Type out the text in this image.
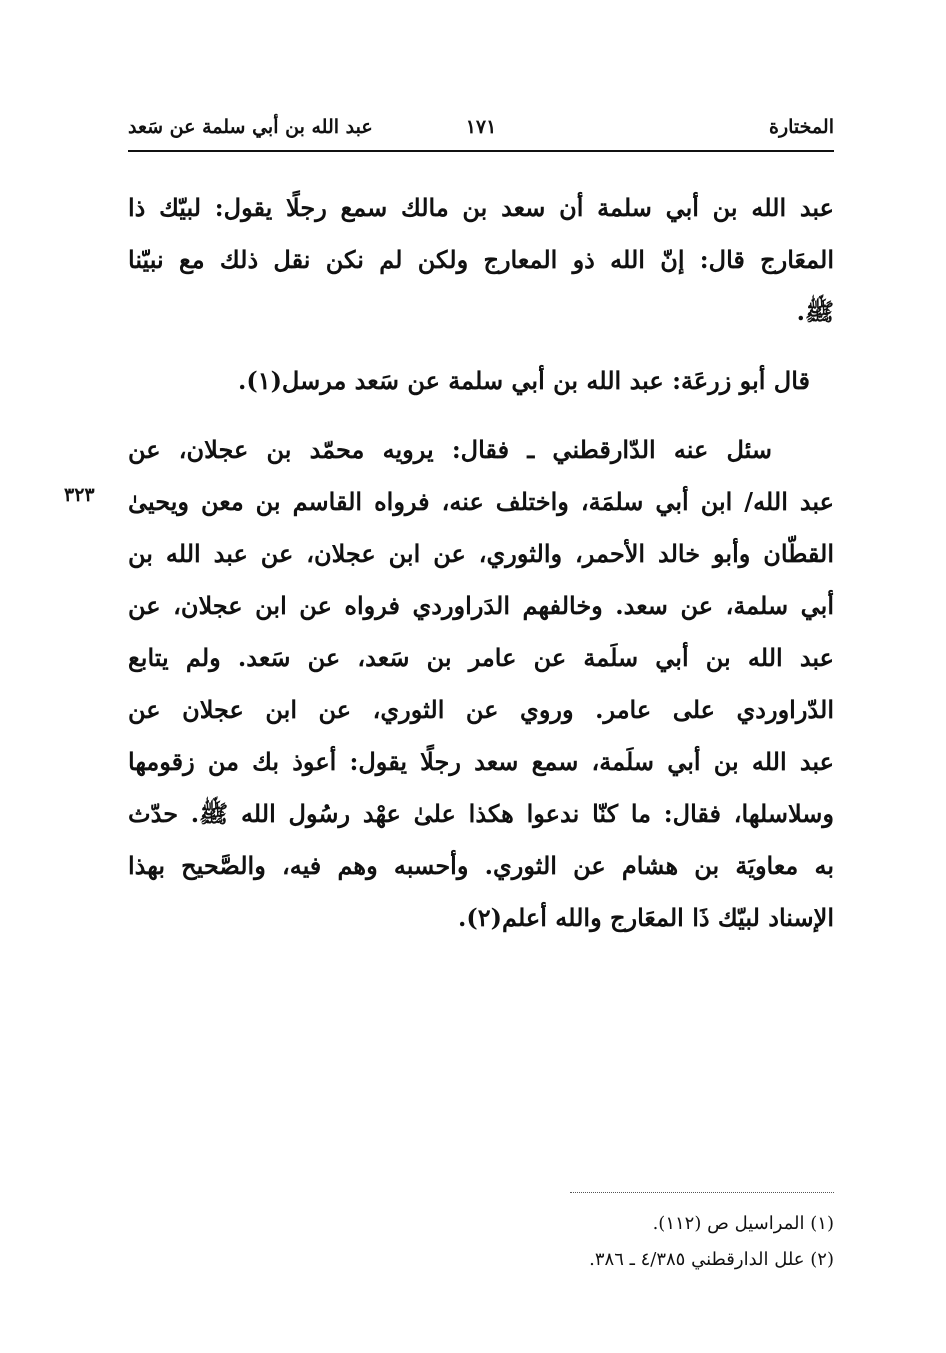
المختارة
١٧١
عبد الله بن أبي سلمة عن سَعد
عبد الله بن أبي سلمة أن سعد بن مالك سمع رجلًا يقول: لبيّك ذا
المعَارج قال: إنّ الله ذو المعارج ولكن لم نكن نقل ذلك مع نبيّنا
ﷺ.
قال أبو زرعَة: عبد الله بن أبي سلمة عن سَعد مرسل(١).
سئل عنه الدّارقطني ـ فقال: يرويه محمّد بن عجلان، عن
عبد الله/ ابن أبي سلمَة، واختلف عنه، فرواه القاسم بن معن ويحيىٰ
القطّان وأبو خالد الأحمر، والثوري، عن ابن عجلان، عن عبد الله بن
أبي سلمة، عن سعد. وخالفهم الدَراوردي فرواه عن ابن عجلان، عن
عبد الله بن أبي سلَمة عن عامر بن سَعد، عن سَعد. ولم يتابع
الدّراوردي على عامر. وروي عن الثوري، عن ابن عجلان عن
عبد الله بن أبي سلَمة، سمع سعد رجلًا يقول: أعوذ بك من زقومها
وسلاسلها، فقال: ما كنّا ندعوا هكذا علىٰ عهْد رسُول الله ﷺ. حدّث
به معاويَة بن هشام عن الثوري. وأحسبه وهم فيه، والصَّحيح بهذا
الإسناد لبيّك ذَا المعَارج والله أعلم(٢).
٣٢٣
(١) المراسيل ص (١١٢).
(٢) علل الدارقطني ٤/٣٨٥ ـ ٣٨٦.
